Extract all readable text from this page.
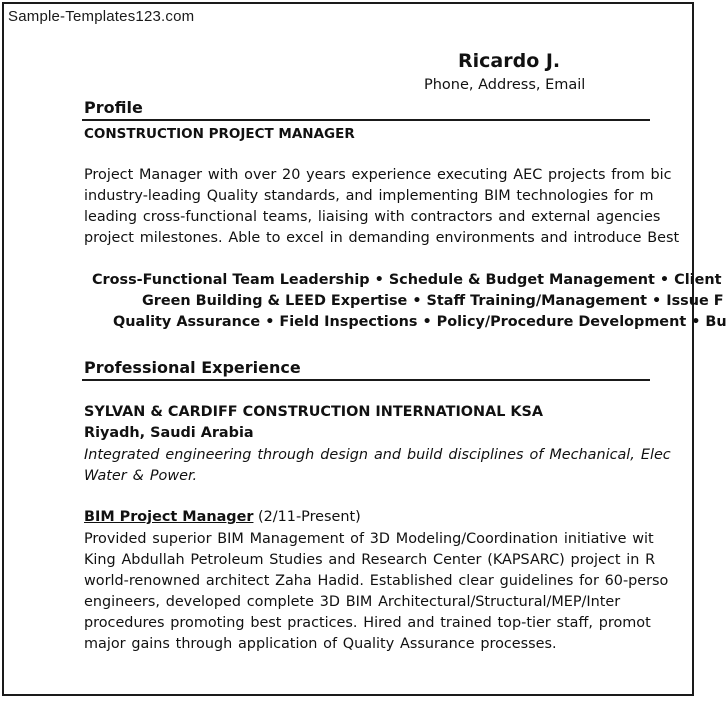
Sample-Templates123.com
Ricardo J.
Phone, Address, Email
Profile
CONSTRUCTION PROJECT MANAGER
Project Manager with over 20 years experience executing AEC projects from bic
industry-leading Quality standards, and implementing BIM technologies for m
leading cross-functional teams, liaising with contractors and external agencies
project milestones. Able to excel in demanding environments and introduce Best
Cross-Functional Team Leadership • Schedule & Budget Management • Client
Green Building & LEED Expertise • Staff Training/Management • Issue F
Quality Assurance • Field Inspections • Policy/Procedure Development • Bu
Professional Experience
SYLVAN & CARDIFF CONSTRUCTION INTERNATIONAL KSA
Riyadh, Saudi Arabia
Integrated engineering through design and build disciplines of Mechanical, Elec
Water & Power.
BIM Project Manager (2/11-Present)
Provided superior BIM Management of 3D Modeling/Coordination initiative wit
King Abdullah Petroleum Studies and Research Center (KAPSARC) project in R
world-renowned architect Zaha Hadid. Established clear guidelines for 60-perso
engineers, developed complete 3D BIM Architectural/Structural/MEP/Inter
procedures promoting best practices. Hired and trained top-tier staff, promot
major gains through application of Quality Assurance processes.
